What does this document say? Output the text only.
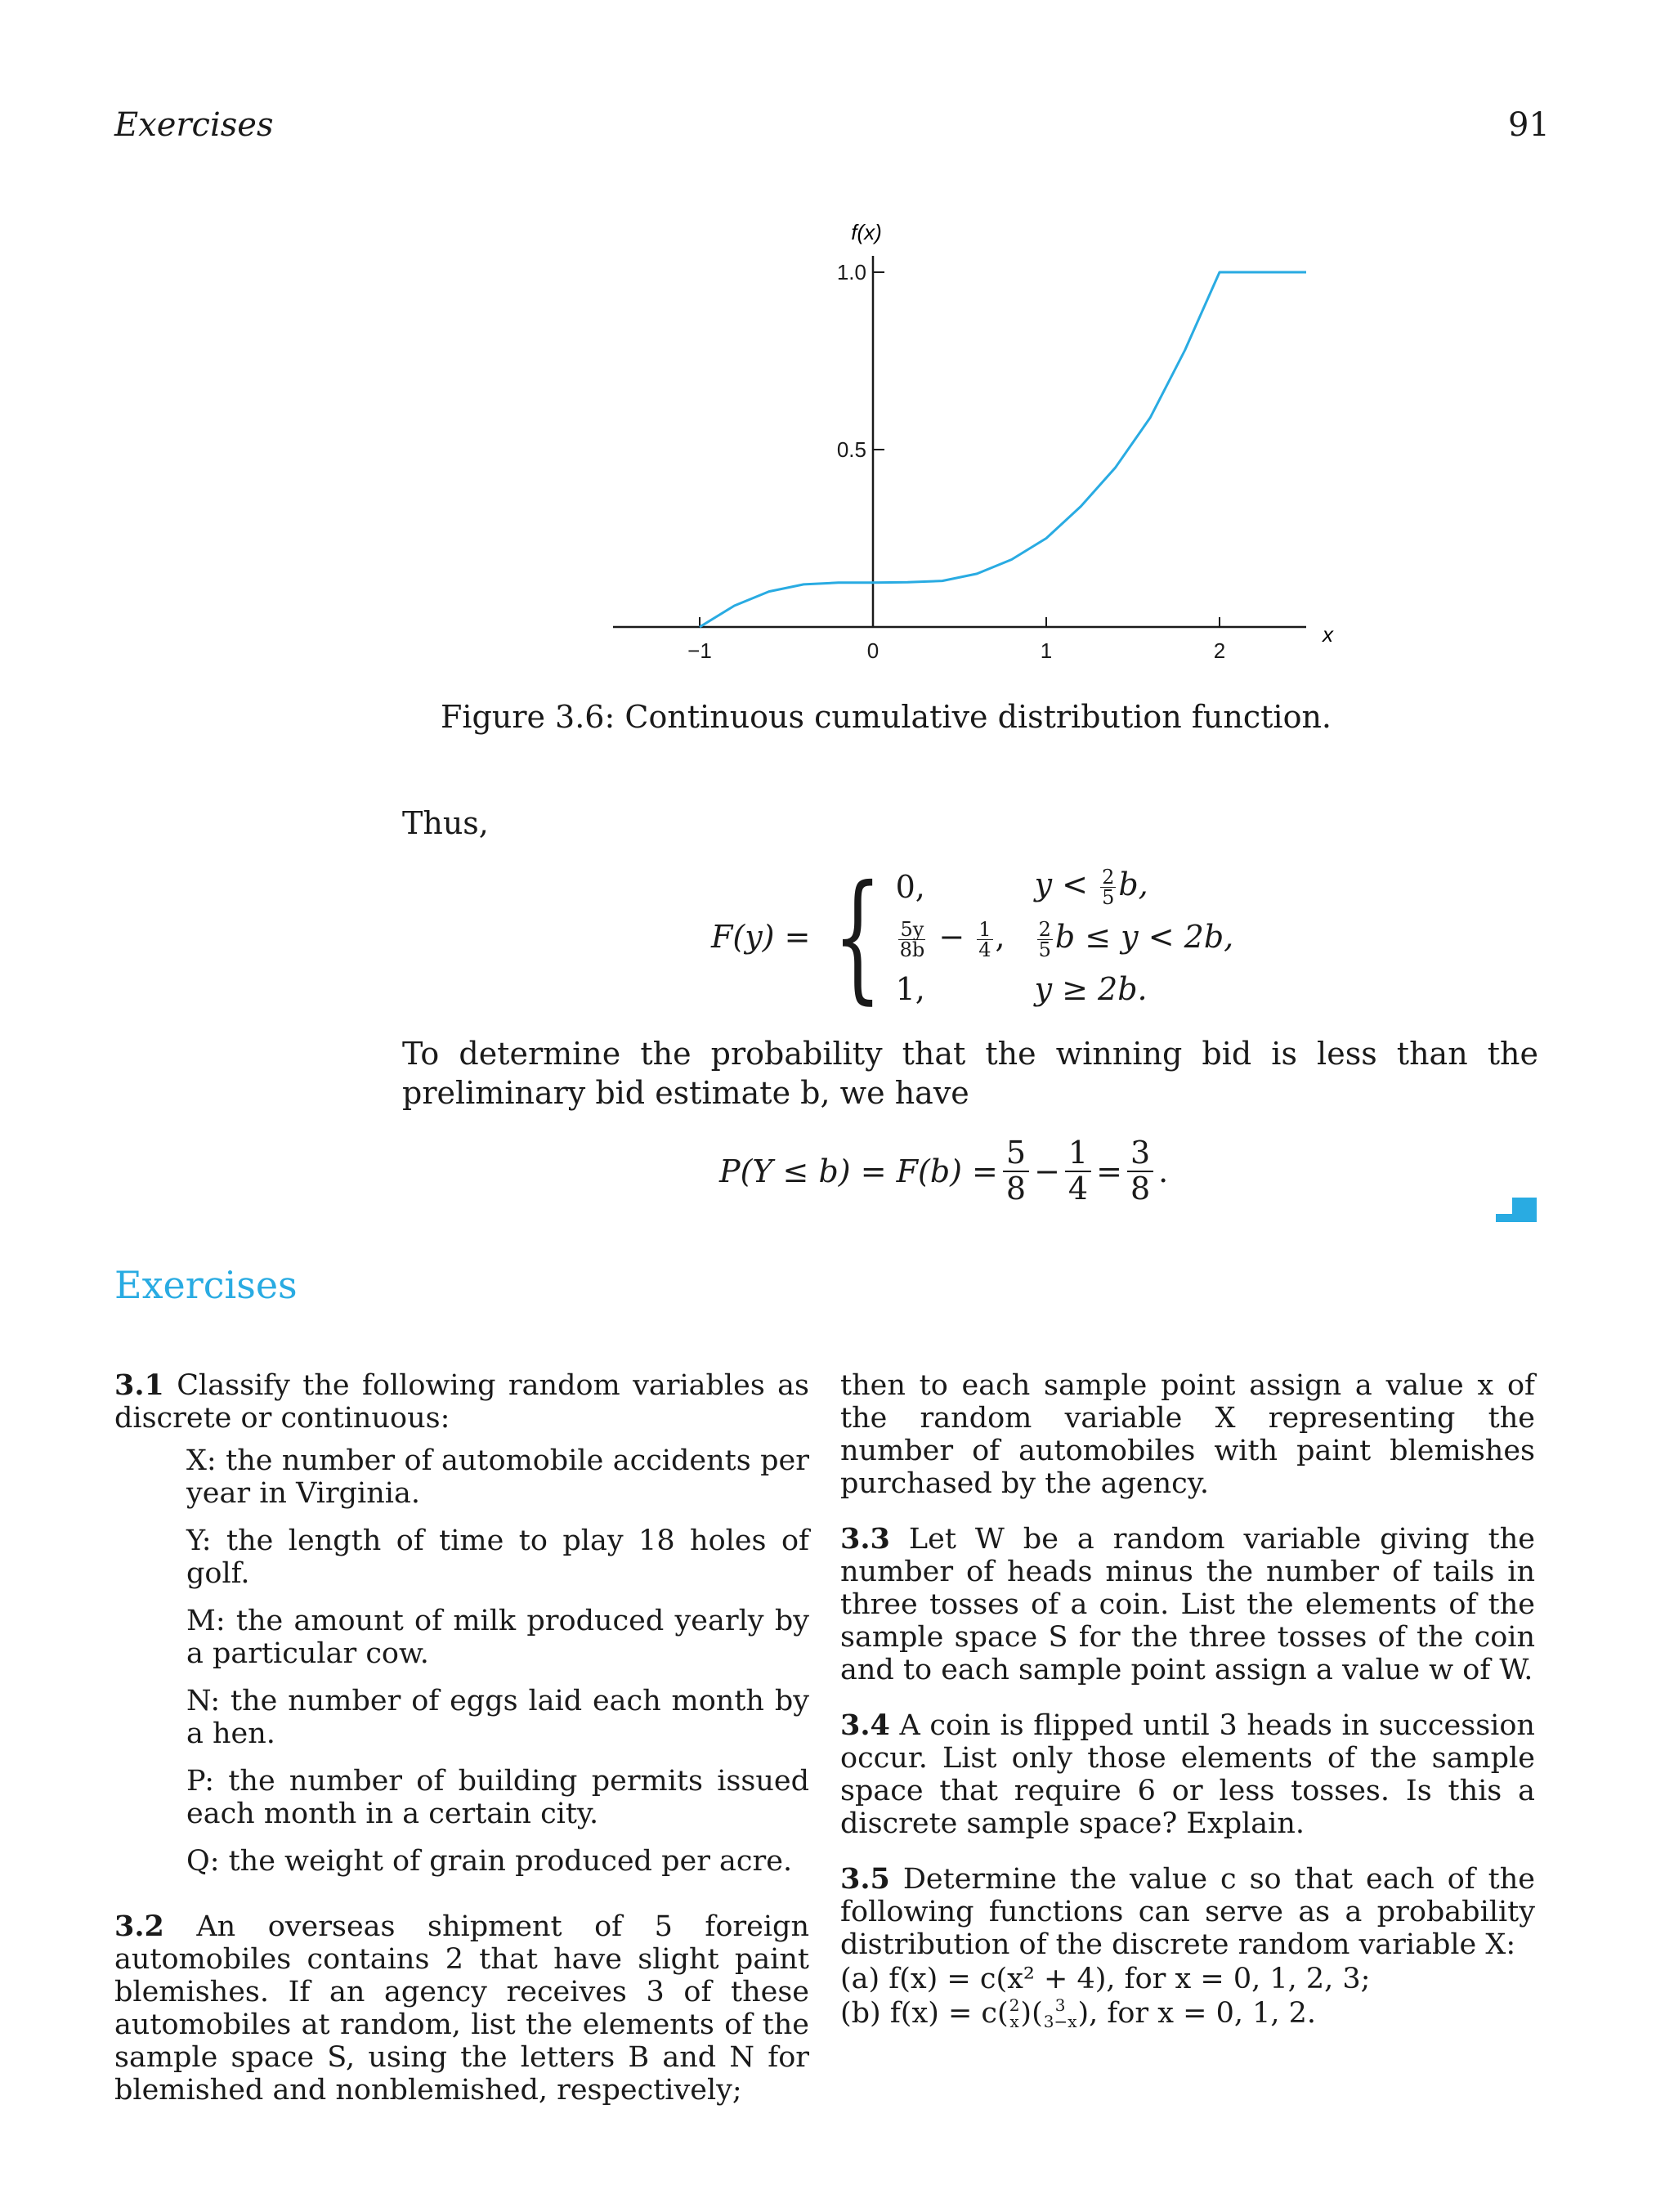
Exercises	91
−1	0	1	2
0.5
1.0
f(x)
x
Figure 3.6: Continuous cumulative distribution function.
Thus,
F(y) = { 0,	$y < \frac{2}{5} b$,
$\frac{5y}{8b} - \frac{1}{4}$ ,	$\frac{2}{5}$ b ≤ y < 2b,
1,	y ≥ 2b.
To determine the probability that the winning bid is less than the preliminary bid estimate b, we have
$P(Y \le b) = F(b) = \frac{5}{8} - \frac{1}{4} = \frac{3}{8}$ .
Exercises
3.1 Classify the following random variables as discrete or continuous:
X: the number of automobile accidents per year in Virginia.
Y: the length of time to play 18 holes of golf.
M: the amount of milk produced yearly by a particular cow.
N: the number of eggs laid each month by a hen.
P: the number of building permits issued each month in a certain city.
Q: the weight of grain produced per acre.
3.2 An overseas shipment of 5 foreign automobiles contains 2 that have slight paint blemishes. If an agency receives 3 of these automobiles at random, list the elements of the sample space S, using the letters B and N for blemished and nonblemished, respectively;
then to each sample point assign a value x of the random variable X representing the number of automobiles with paint blemishes purchased by the agency.
3.3 Let W be a random variable giving the number of heads minus the number of tails in three tosses of a coin. List the elements of the sample space S for the three tosses of the coin and to each sample point assign a value w of W.
3.4 A coin is flipped until 3 heads in succession occur. List only those elements of the sample space that require 6 or less tosses. Is this a discrete sample space? Explain.
3.5 Determine the value c so that each of the following functions can serve as a probability distribution of the discrete random variable X:
(a) f(x) = c(x² + 4), for x = 0, 1, 2, 3;
(b) f(x) = c( 2
x )( 3
3−x ), for x = 0, 1, 2.
